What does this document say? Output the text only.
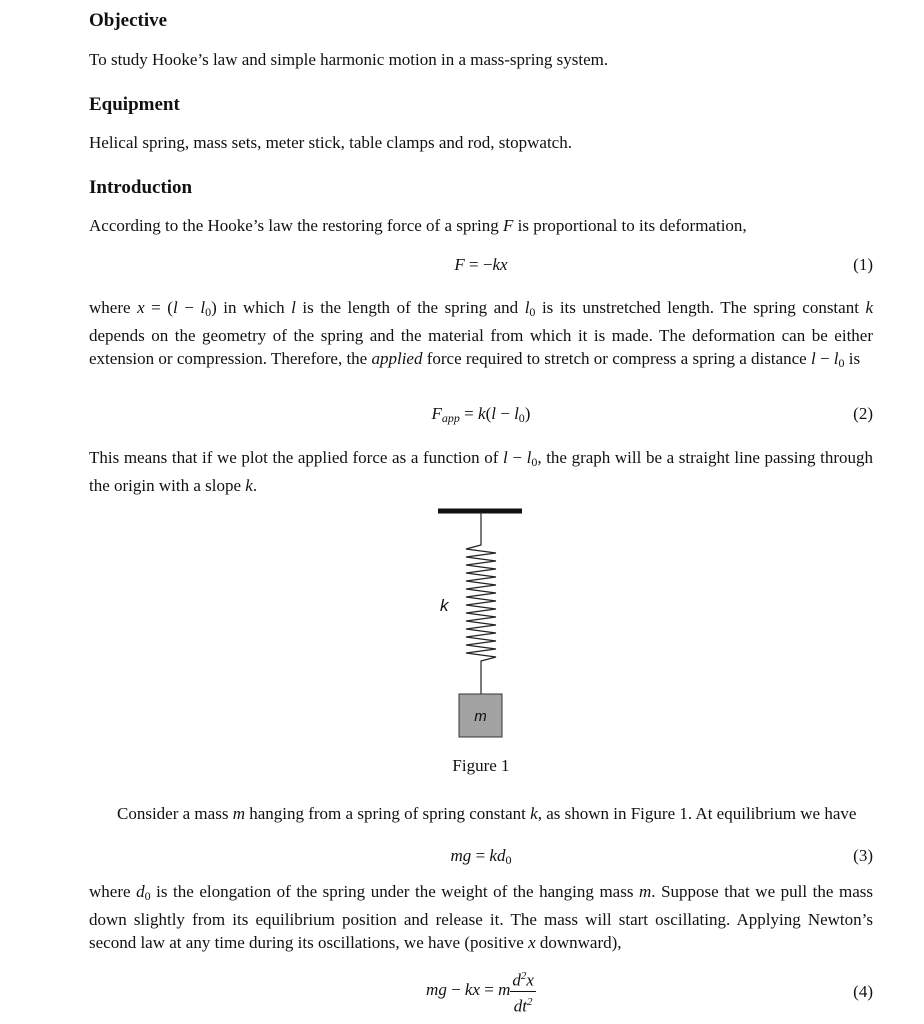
Objective

To study Hooke’s law and simple harmonic motion in a mass-spring system.

Equipment

Helical spring, mass sets, meter stick, table clamps and rod, stopwatch.

Introduction

According to the Hooke’s law the restoring force of a spring F is proportional to its deformation,

F = −kx	(1)

where $x = (l - l_0)$ in which l is the length of the spring and $l_0$ is its unstretched length. The spring constant k depends on the geometry of the spring and the material from which it is made. The deformation can be either extension or compression. Therefore, the applied force required to stretch or compress a spring a distance $l - l_0$ is

Fapp = $k(l - l_0)$	(2)

This means that if we plot the applied force as a function of $l - l_0$, the graph will be a straight line passing through the origin with a slope k.

Figure 1

Consider a mass m hanging from a spring of spring constant k, as shown in Figure 1. At equilibrium we have

mg = $kd_0$	(3)

where $d_0$ is the elongation of the spring under the weight of the hanging mass m. Suppose that we pull the mass down slightly from its equilibrium position and release it. The mass will start oscillating. Applying Newton’s second law at any time during its oscillations, we have (positive x downward),

mg − kx = m $\frac{d^2x}{dt^2}$	(4)
k
m
